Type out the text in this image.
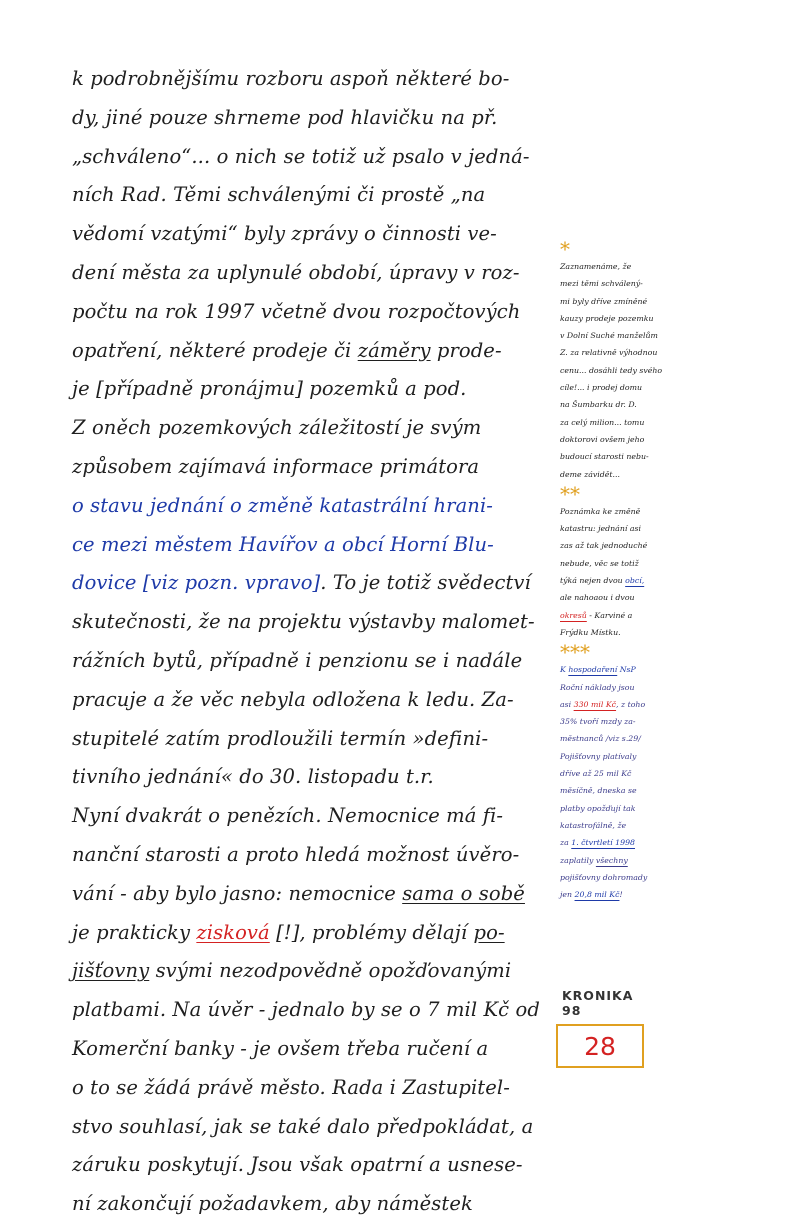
k podrobnějšímu rozboru aspoň některé bo-
dy, jiné pouze shrneme pod hlavičku na př.
„schváleno“... o nich se totiž už psalo v jedná-
ních Rad. Těmi schválenými či prostě „na
vědomí vzatými“ byly zprávy o činnosti ve-
dení města za uplynulé období, úpravy v roz-
počtu na rok 1997 včetně dvou rozpočtových
opatření, některé prodeje či záměry prode-
je [případně pronájmu] pozemků a pod.
Z oněch pozemkových záležitostí je svým
způsobem zajímavá informace primátora
o stavu jednání o změně katastrální hrani-
ce mezi městem Havířov a obcí Horní Blu-
dovice [viz pozn. vpravo]. To je totiž svědectví
skutečnosti, že na projektu výstavby malomet-
rážních bytů, případně i penzionu se i nadále
pracuje a že věc nebyla odložena k ledu. Za-
stupitelé zatím prodloužili termín »defini-
tivního jednání« do 30. listopadu t.r.
Nyní dvakrát o penězích. Nemocnice má fi-
nanční starosti a proto hledá možnost úvěro-
vání - aby bylo jasno: nemocnice sama o sobě
je prakticky zisková [!], problémy dělají po-
jišťovny svými nezodpovědně opožďovanými
platbami. Na úvěr - jednalo by se o 7 mil Kč od
Komerční banky - je ovšem třeba ručení a
o to se žádá právě město. Rada i Zastupitel-
stvo souhlasí, jak se také dalo předpokládat, a
záruku poskytují. Jsou však opatrní a usnese-
ní zakončují požadavkem, aby náměstek
*
Zaznamenáme, že
mezi těmi schválený-
mi byly dříve zmíněné
kauzy prodeje pozemku
v Dolní Suché manželům
Z. za relativně výhodnou
cenu... dosáhli tedy svého
cíle!... i prodej domu
na Šumbarku dr. D.
za celý milion... tomu
doktorovi ovšem jeho
budoucí starosti nebu-
deme závidět...
**
Poznámka ke změně
katastru: jednání asi
zas až tak jednoduché
nebude, věc se totiž
týká nejen dvou obcí,
ale nahoaou i dvou
okresů - Karviné a
Frýdku Místku.
***
K hospodaření NsP
Roční náklady jsou
asi 330 mil Kč, z toho
35% tvoří mzdy za-
městnanců /viz s.29/
Pojišťovny platívaly
dříve až 25 mil Kč
měsíčně, dneska se
platby opožďují tak
katastrofálně, že
za 1. čtvrtletí 1998
zaplatily všechny
pojišťovny dohromady
jen 20,8 mil Kč!
KRONIKA 98
28
